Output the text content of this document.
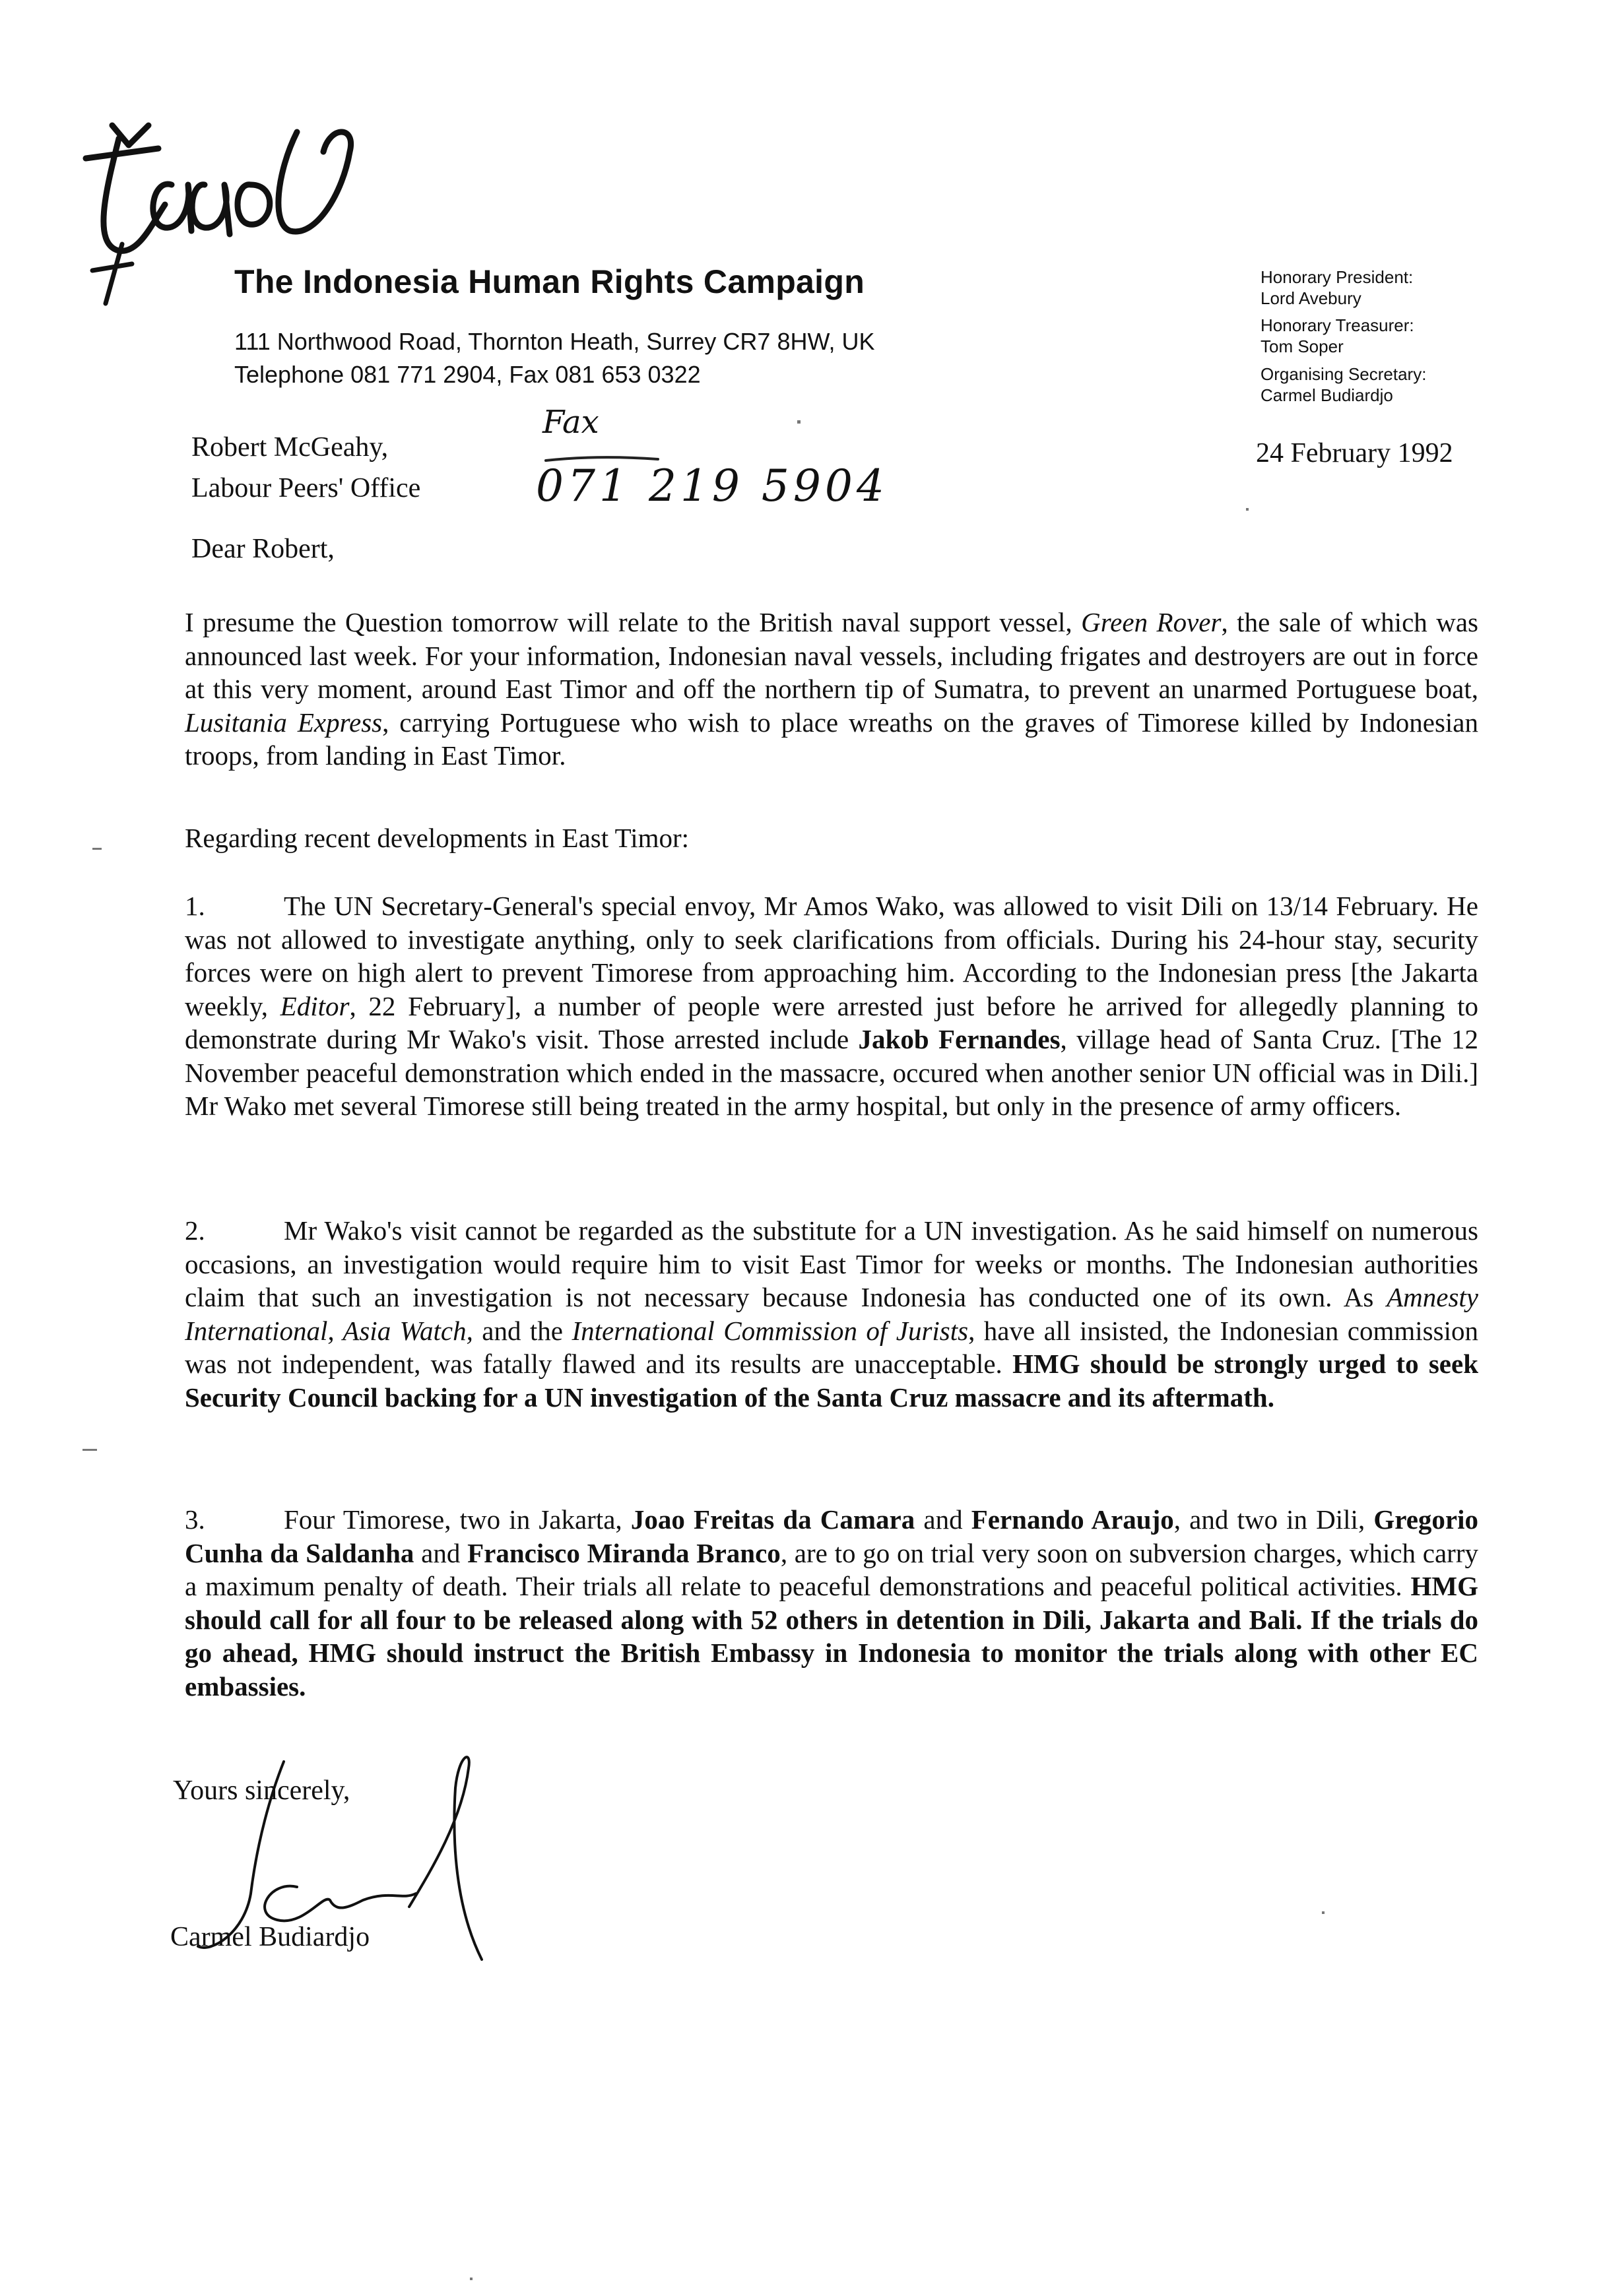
The Indonesia Human Rights Campaign
111 Northwood Road, Thornton Heath, Surrey CR7 8HW, UK
Telephone 081 771 2904, Fax 081 653 0322
Honorary President:
Lord Avebury
Honorary Treasurer:
Tom Soper
Organising Secretary:
Carmel Budiardjo
24 February 1992
Robert McGeahy,
Labour Peers' Office
Fax
071 219 5904
Dear Robert,

I presume the Question tomorrow will relate to the British naval support vessel, Green Rover, the sale of which was announced last week. For your information, Indonesian naval vessels, including frigates and destroyers are out in force at this very moment, around East Timor and off the northern tip of Sumatra, to prevent an unarmed Portuguese boat, Lusitania Express, carrying Portuguese who wish to place wreaths on the graves of Timorese killed by Indonesian troops, from landing in East Timor.

Regarding recent developments in East Timor:

1.	The UN Secretary-General's special envoy, Mr Amos Wako, was allowed to visit Dili on 13/14 February. He was not allowed to investigate anything, only to seek clarifications from officials. During his 24-hour stay, security forces were on high alert to prevent Timorese from approaching him. According to the Indonesian press [the Jakarta weekly, Editor, 22 February], a number of people were arrested just before he arrived for allegedly planning to demonstrate during Mr Wako's visit. Those arrested include Jakob Fernandes, village head of Santa Cruz. [The 12 November peaceful demonstration which ended in the massacre, occured when another senior UN official was in Dili.] Mr Wako met several Timorese still being treated in the army hospital, but only in the presence of army officers.

2.	Mr Wako's visit cannot be regarded as the substitute for a UN investigation. As he said himself on numerous occasions, an investigation would require him to visit East Timor for weeks or months. The Indonesian authorities claim that such an investigation is not necessary because Indonesia has conducted one of its own. As Amnesty International, Asia Watch, and the International Commission of Jurists, have all insisted, the Indonesian commission was not independent, was fatally flawed and its results are unacceptable. HMG should be strongly urged to seek Security Council backing for a UN investigation of the Santa Cruz massacre and its aftermath.

3.	Four Timorese, two in Jakarta, Joao Freitas da Camara and Fernando Araujo, and two in Dili, Gregorio Cunha da Saldanha and Francisco Miranda Branco, are to go on trial very soon on subversion charges, which carry a maximum penalty of death. Their trials all relate to peaceful demonstrations and peaceful political activities. HMG should call for all four to be released along with 52 others in detention in Dili, Jakarta and Bali. If the trials do go ahead, HMG should instruct the British Embassy in Indonesia to monitor the trials along with other EC embassies.

Yours sincerely,
Carmel Budiardjo
